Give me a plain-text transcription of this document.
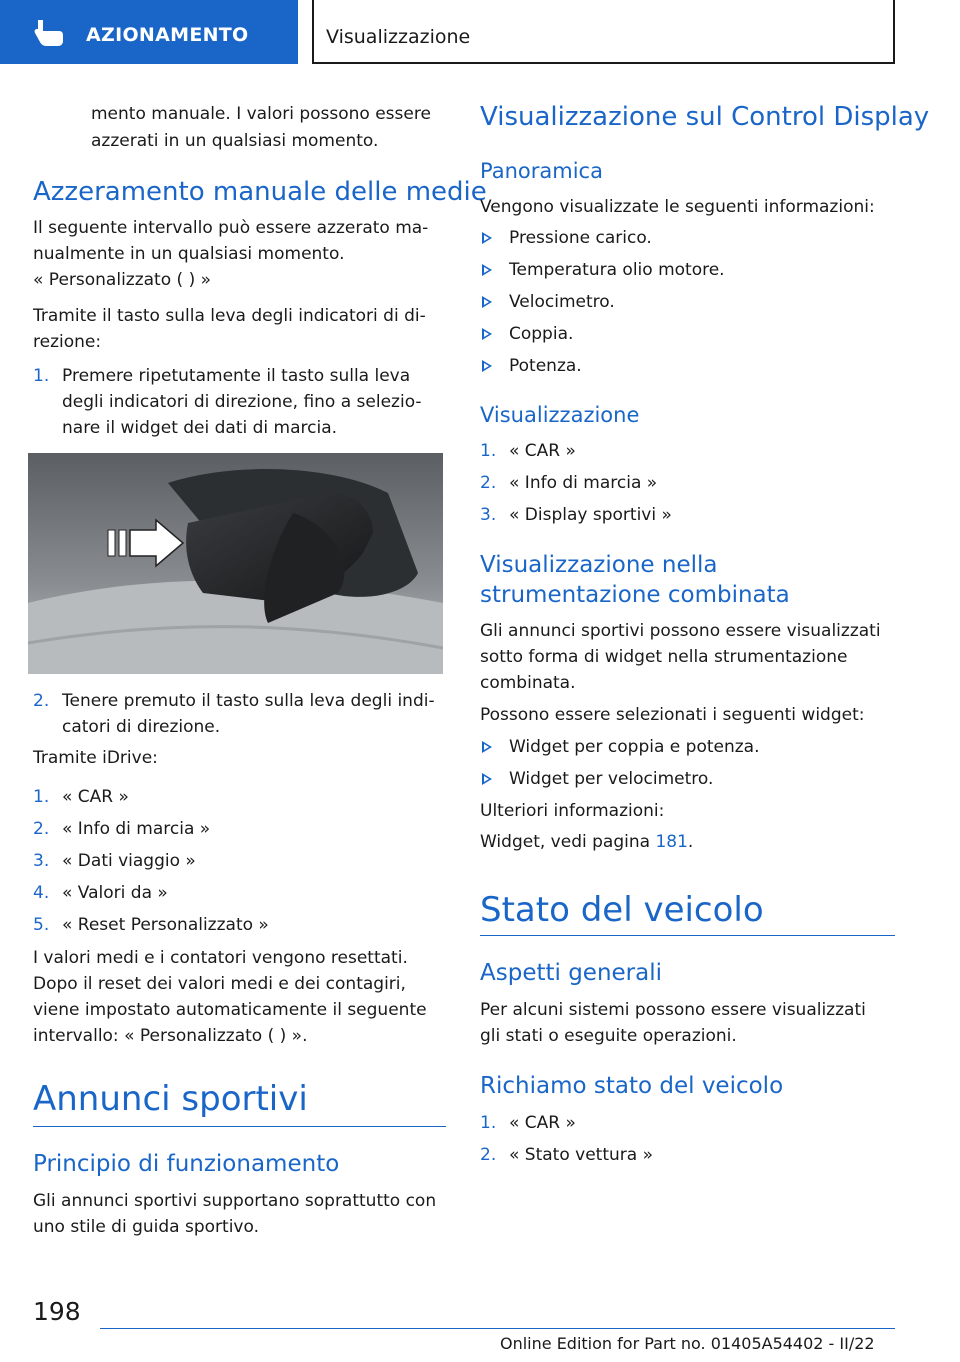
AZIONAMENTO	Visualizzazione
mento manuale. I valori possono essere
azzerati in un qualsiasi momento.
Azzeramento manuale delle medie
Il seguente intervallo può essere azzerato ma-
nualmente in un qualsiasi momento.
« Personalizzato ( ) »
Tramite il tasto sulla leva degli indicatori di di-
rezione:
1. Premere ripetutamente il tasto sulla leva
degli indicatori di direzione, fino a selezio-
nare il widget dei dati di marcia.
2. Tenere premuto il tasto sulla leva degli indi-
catori di direzione.
Tramite iDrive:
1. « CAR »
2. « Info di marcia »
3. « Dati viaggio »
4. « Valori da »
5. « Reset Personalizzato »
I valori medi e i contatori vengono resettati.
Dopo il reset dei valori medi e dei contagiri,
viene impostato automaticamente il seguente
intervallo: « Personalizzato ( ) ».
Annunci sportivi
Principio di funzionamento
Gli annunci sportivi supportano soprattutto con
uno stile di guida sportivo.
Visualizzazione sul Control Display
Panoramica
Vengono visualizzate le seguenti informazioni:
Pressione carico.
Temperatura olio motore.
Velocimetro.
Coppia.
Potenza.
Visualizzazione
1. « CAR »
2. « Info di marcia »
3. « Display sportivi »
Visualizzazione nella
strumentazione combinata
Gli annunci sportivi possono essere visualizzati
sotto forma di widget nella strumentazione
combinata.
Possono essere selezionati i seguenti widget:
Widget per coppia e potenza.
Widget per velocimetro.
Ulteriori informazioni:
Widget, vedi pagina 181.
Stato del veicolo
Aspetti generali
Per alcuni sistemi possono essere visualizzati
gli stati o eseguite operazioni.
Richiamo stato del veicolo
1. « CAR »
2. « Stato vettura »
198
Online Edition for Part no. 01405A54402 - II/22
